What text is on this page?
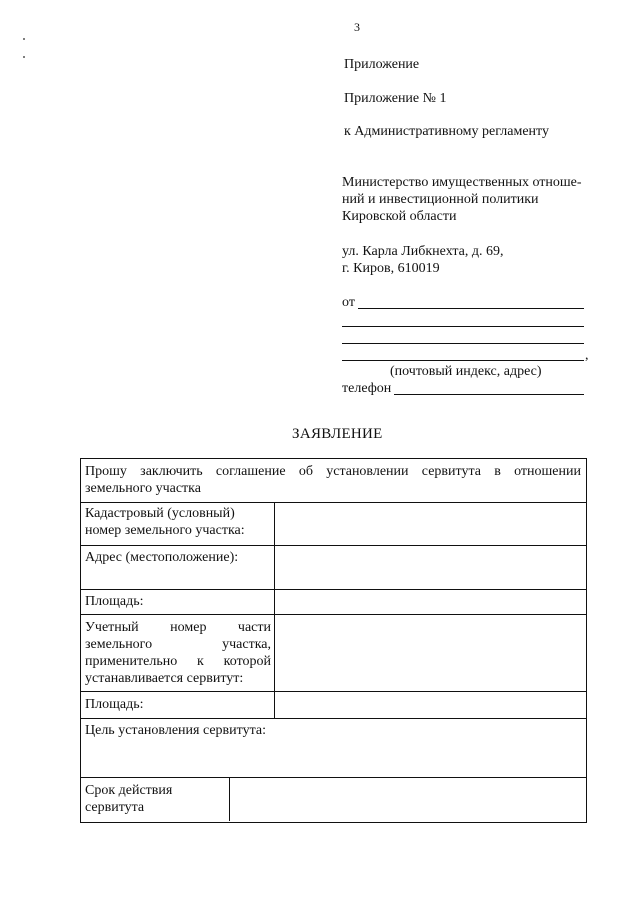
3
Приложение
Приложение № 1
к Административному регламенту
Министерство имущественных отноше-
ний и инвестиционной политики
Кировской области
ул. Карла Либкнехта, д. 69,
г. Киров, 610019
от
,
(почтовый индекс, адрес)
телефон
ЗАЯВЛЕНИЕ
Прошу заключить соглашение об установлении сервитута в отношении
земельного участка
Кадастровый (условный)
номер земельного участка:
Адрес (местоположение):
Площадь:
Учетный номер части
земельного участка,
применительно к которой
устанавливается сервитут:
Площадь:
Цель установления сервитута:
Срок действия
сервитута
